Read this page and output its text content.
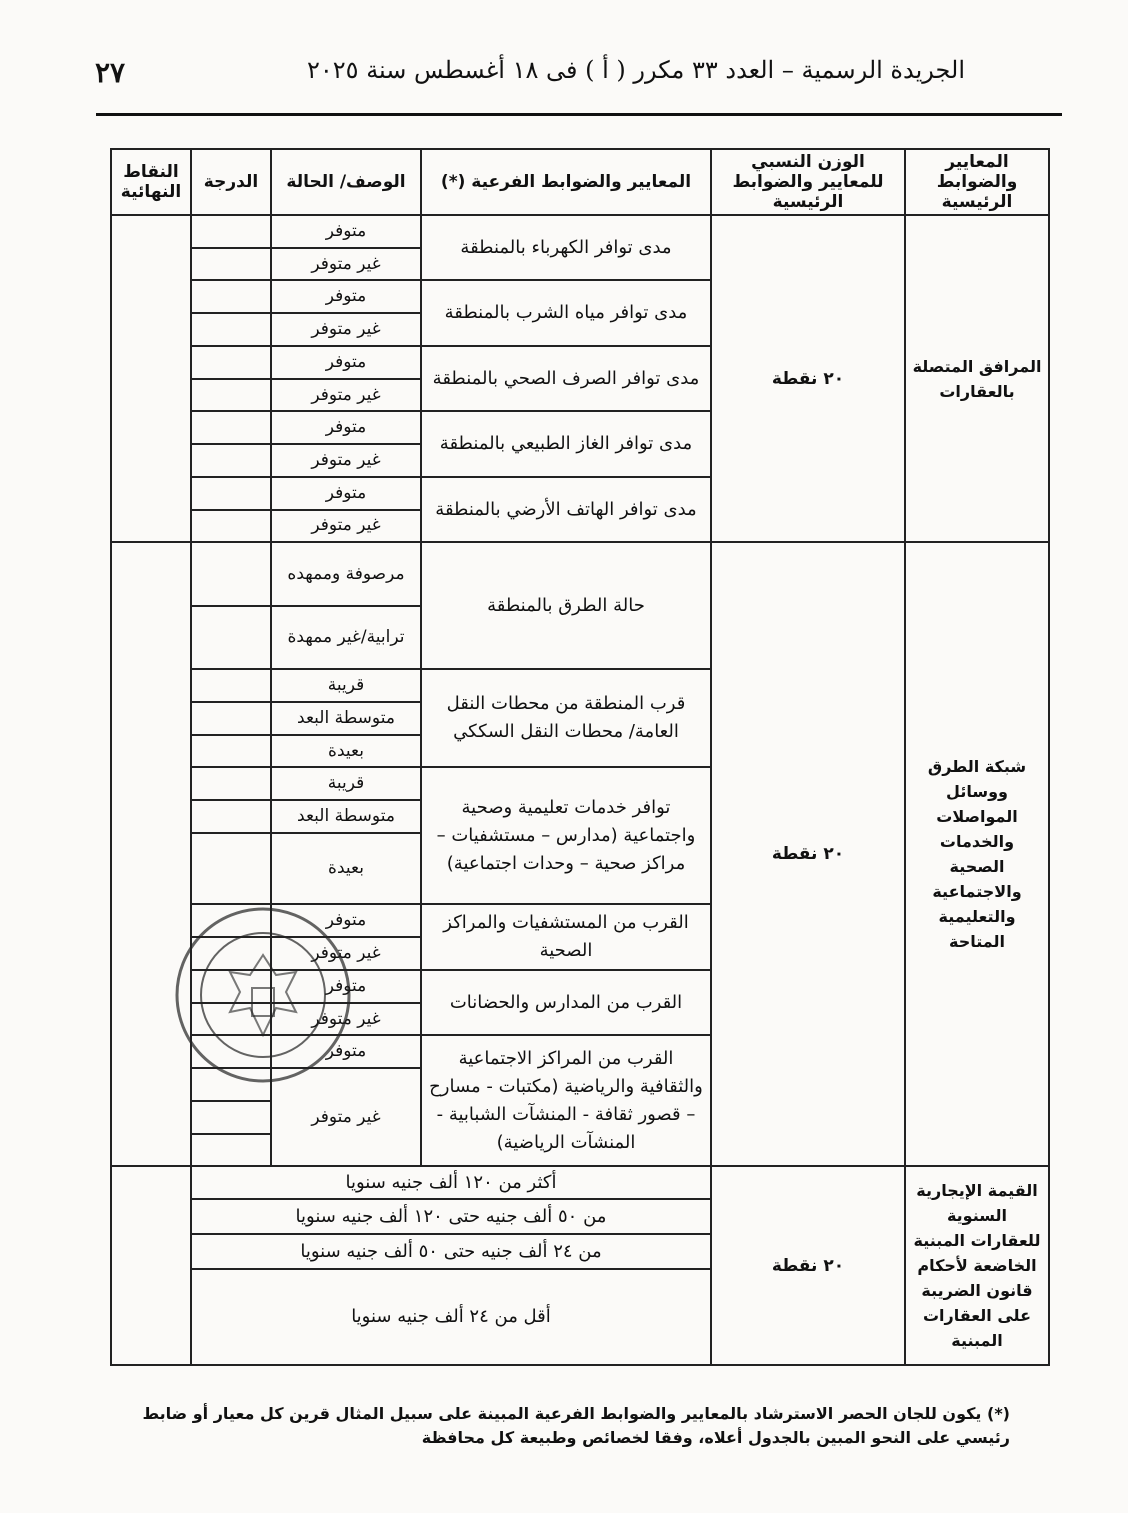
الجريدة الرسمية – العدد ٣٣ مكرر ( أ ) فى ١٨ أغسطس سنة ٢٠٢٥
٢٧
المعايير والضوابط الرئيسية	الوزن النسبي للمعايير والضوابط الرئيسية	المعايير والضوابط الفرعية (*)	الوصف/ الحالة	الدرجة	النقاط النهائية
المرافق المتصلة بالعقارات	٢٠ نقطة	مدى توافر الكهرباء بالمنطقة	متوفر		
			غير متوفر		
		مدى توافر مياه الشرب بالمنطقة	متوفر		
			غير متوفر		
		مدى توافر الصرف الصحي بالمنطقة	متوفر		
			غير متوفر		
		مدى توافر الغاز الطبيعي بالمنطقة	متوفر		
			غير متوفر		
		مدى توافر الهاتف الأرضي بالمنطقة	متوفر		
			غير متوفر		
شبكة الطرق ووسائل المواصلات والخدمات الصحية والاجتماعية والتعليمية المتاحة	٢٠ نقطة	حالة الطرق بالمنطقة	مرصوفة وممهده		
			ترابية/غير ممهدة		
		قرب المنطقة من محطات النقل العامة/ محطات النقل السككي	قريبة		
			متوسطة البعد		
			بعيدة		
		توافر خدمات تعليمية وصحية واجتماعية (مدارس – مستشفيات – مراكز صحية – وحدات اجتماعية)	قريبة		
			متوسطة البعد		
			بعيدة		
		القرب من المستشفيات والمراكز الصحية	متوفر		
			غير متوفر		
		القرب من المدارس والحضانات	متوفر		
			غير متوفر		
		القرب من المراكز الاجتماعية والثقافية والرياضية (مكتبات - مسارح – قصور ثقافة - المنشآت الشبابية - المنشآت الرياضية)	متوفر		
			غير متوفر		

القيمة الإيجارية السنوية للعقارات المبنية الخاضعة لأحكام قانون الضريبة على العقارات المبنية	٢٠ نقطة	أكثر من ١٢٠ ألف جنيه سنويا			
		من ٥٠ ألف جنيه حتى ١٢٠ ألف جنيه سنويا			
		من ٢٤ ألف جنيه حتى ٥٠ ألف جنيه سنويا			
		أقل من ٢٤ ألف جنيه سنويا			
(*) يكون للجان الحصر الاسترشاد بالمعايير والضوابط الفرعية المبينة على سبيل المثال قرين كل معيار أو ضابط رئيسي على النحو المبين بالجدول أعلاه، وفقا لخصائص وطبيعة كل محافظة
